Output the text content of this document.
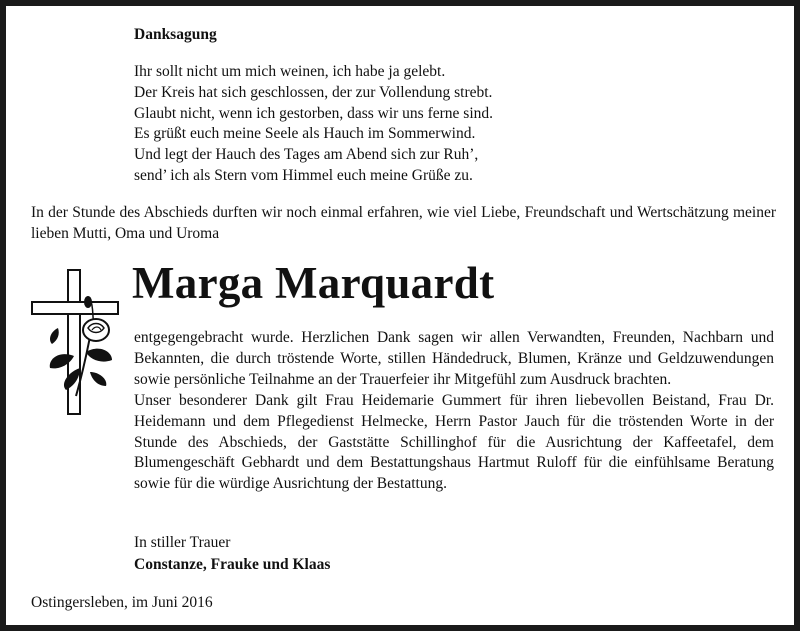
Danksagung
Ihr sollt nicht um mich weinen, ich habe ja gelebt.
Der Kreis hat sich geschlossen, der zur Vollendung strebt.
Glaubt nicht, wenn ich gestorben, dass wir uns ferne sind.
Es grüßt euch meine Seele als Hauch im Sommerwind.
Und legt der Hauch des Tages am Abend sich zur Ruh’,
send’ ich als Stern vom Himmel euch meine Grüße zu.
In der Stunde des Abschieds durften wir noch einmal erfahren, wie viel Liebe, Freundschaft und Wertschätzung meiner lieben Mutti, Oma und Uroma
Marga Marquardt

entgegengebracht wurde. Herzlichen Dank sagen wir allen Verwandten, Freunden, Nachbarn und Bekannten, die durch tröstende Worte, stillen Händedruck, Blumen, Kränze und Geldzuwendungen sowie persönliche Teilnahme an der Trauerfeier ihr Mitgefühl zum Ausdruck brachten.

Unser besonderer Dank gilt Frau Heidemarie Gummert für ihren liebevollen Beistand, Frau Dr. Heidemann und dem Pflegedienst Helmecke, Herrn Pastor Jauch für die tröstenden Worte in der Stunde des Abschieds, der Gaststätte Schillinghof für die Ausrichtung der Kaffeetafel, dem Blumengeschäft Gebhardt und dem Bestattungshaus Hartmut Ruloff für die einfühlsame Beratung sowie für die würdige Ausrichtung der Bestattung.

In stiller Trauer
Constanze, Frauke und Klaas
Ostingersleben, im Juni 2016
